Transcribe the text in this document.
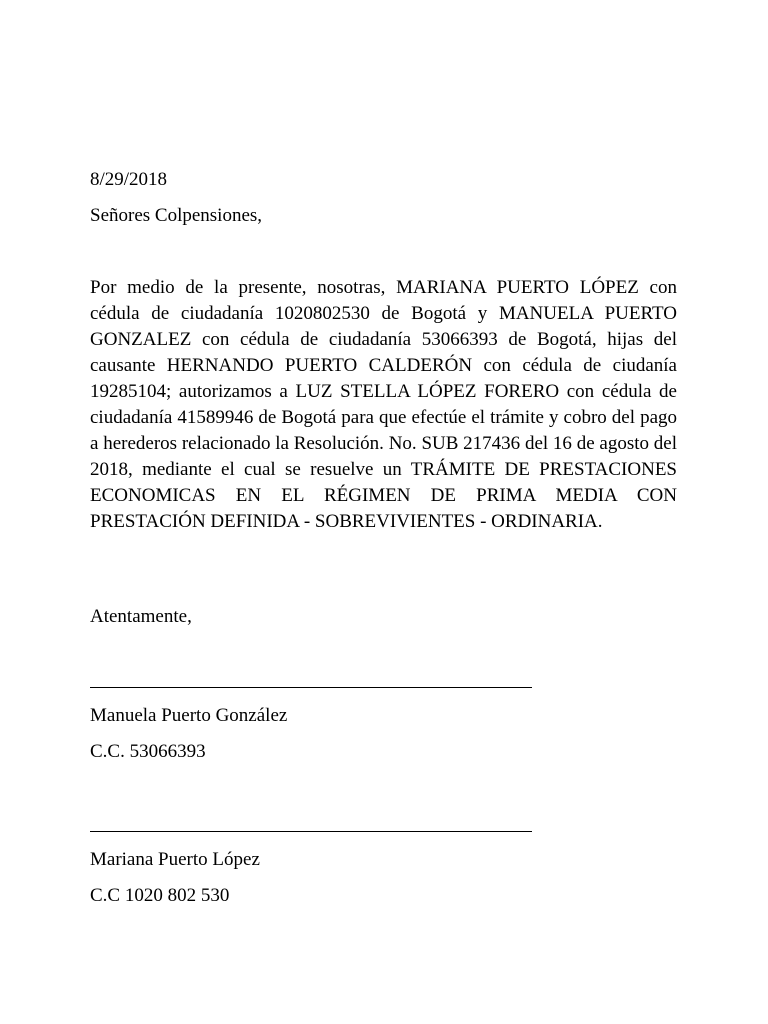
8/29/2018

Señores Colpensiones,

Por medio de la presente, nosotras, MARIANA PUERTO LÓPEZ con cédula de ciudadanía 1020802530 de Bogotá y MANUELA PUERTO GONZALEZ con cédula de ciudadanía 53066393 de Bogotá, hijas del causante HERNANDO PUERTO CALDERÓN con cédula de ciudanía 19285104; autorizamos a LUZ STELLA LÓPEZ FORERO con cédula de ciudadanía 41589946 de Bogotá para que efectúe el trámite y cobro del pago a herederos relacionado la Resolución. No. SUB 217436 del 16 de agosto del 2018, mediante el cual se resuelve un TRÁMITE DE PRESTACIONES ECONOMICAS EN EL RÉGIMEN DE PRIMA MEDIA CON PRESTACIÓN DEFINIDA - SOBREVIVIENTES - ORDINARIA.

Atentamente,

Manuela Puerto González

C.C. 53066393

Mariana Puerto López

C.C 1020 802 530
